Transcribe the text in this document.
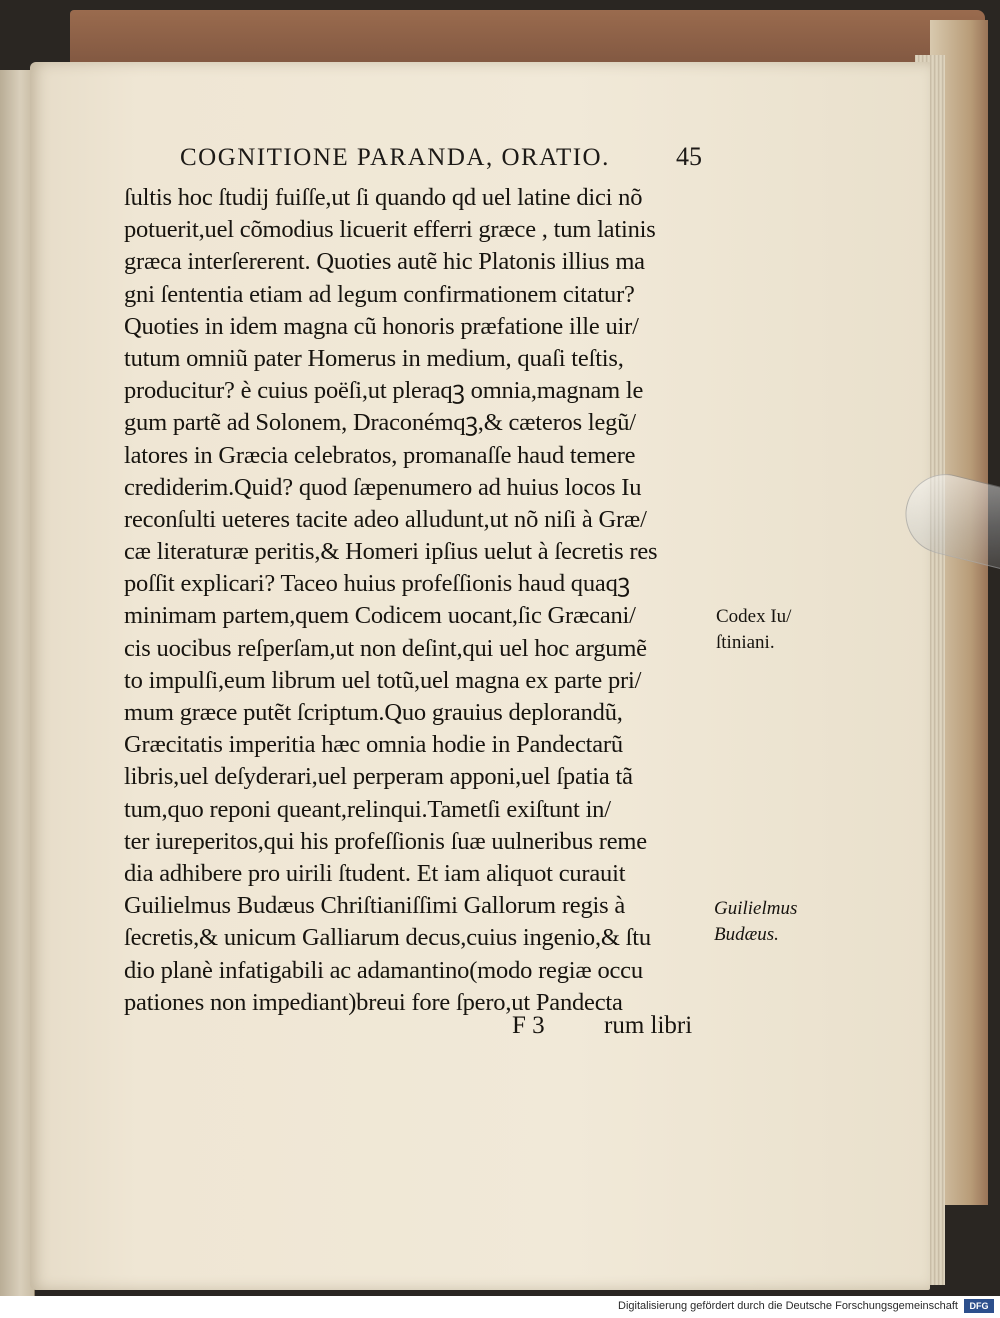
COGNITIONE PARANDA, ORATIO.	45
ſultis hoc ſtudij fuiſſe,ut ſi quando qd uel latine dici nõ
potuerit,uel cõmodius licuerit efferri græce , tum latinis
græca interſererent. Quoties autẽ hic Platonis illius ma
gni ſententia etiam ad legum confirmationem citatur?
Quoties in idem magna cũ honoris præfatione ille uir/
tutum omniũ pater Homerus in medium, quaſi teſtis,
producitur? è cuius poëſi,ut pleraqꝫ omnia,magnam le
gum partẽ ad Solonem, Draconémqꝫ,& cæteros legũ/
latores in Græcia celebratos, promanaſſe haud temere
crediderim.Quid? quod ſæpenumero ad huius locos Iu
reconſulti ueteres tacite adeo alludunt,ut nõ niſi à Græ/
cæ literaturæ peritis,& Homeri ipſius uelut à ſecretis res
poſſit explicari? Taceo huius profeſſionis haud quaqꝫ
minimam partem,quem Codicem uocant,ſic Græcani/
cis uocibus reſperſam,ut non deſint,qui uel hoc argumẽ
to impulſi,eum librum uel totũ,uel magna ex parte pri/
mum græce putẽt ſcriptum.Quo grauius deplorandũ,
Græcitatis imperitia hæc omnia hodie in Pandectarũ
libris,uel deſyderari,uel perperam apponi,uel ſpatia tã
tum,quo reponi queant,relinqui.Tametſi exiſtunt in/
ter iureperitos,qui his profeſſionis ſuæ uulneribus reme
dia adhibere pro uirili ſtudent. Et iam aliquot curauit
Guilielmus Budæus Chriſtianiſſimi Gallorum regis à
ſecretis,& unicum Galliarum decus,cuius ingenio,& ſtu
dio planè infatigabili ac adamantino(modo regiæ occu
pationes non impediant)breui fore ſpero,ut Pandecta
F 3 rum libri
Codex Iu/
ſtiniani.
Guilielmus
Budæus.
Digitalisierung gefördert durch die Deutsche Forschungsgemeinschaft	DFG
